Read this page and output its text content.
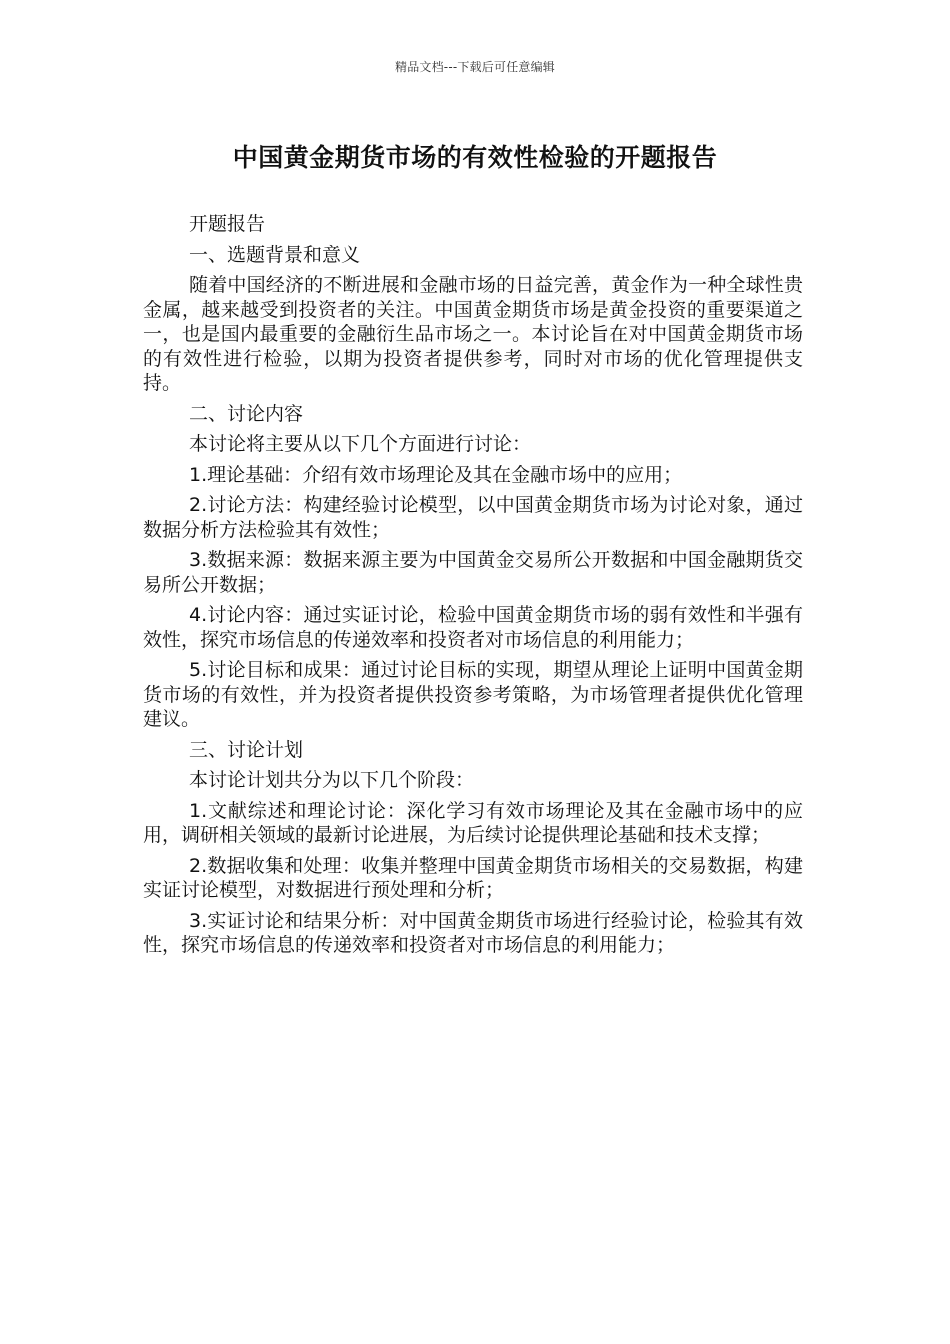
精品文档---下载后可任意编辑
中国黄金期货市场的有效性检验的开题报告

开题报告

一、选题背景和意义

随着中国经济的不断进展和金融市场的日益完善，黄金作为一种全球性贵金属，越来越受到投资者的关注。中国黄金期货市场是黄金投资的重要渠道之一，也是国内最重要的金融衍生品市场之一。本讨论旨在对中国黄金期货市场的有效性进行检验，以期为投资者提供参考，同时对市场的优化管理提供支持。

二、讨论内容

本讨论将主要从以下几个方面进行讨论：

1.理论基础：介绍有效市场理论及其在金融市场中的应用；

2.讨论方法：构建经验讨论模型，以中国黄金期货市场为讨论对象，通过数据分析方法检验其有效性；

3.数据来源：数据来源主要为中国黄金交易所公开数据和中国金融期货交易所公开数据；

4.讨论内容：通过实证讨论，检验中国黄金期货市场的弱有效性和半强有效性，探究市场信息的传递效率和投资者对市场信息的利用能力；

5.讨论目标和成果：通过讨论目标的实现，期望从理论上证明中国黄金期货市场的有效性，并为投资者提供投资参考策略，为市场管理者提供优化管理建议。

三、讨论计划

本讨论计划共分为以下几个阶段：

1.文献综述和理论讨论：深化学习有效市场理论及其在金融市场中的应用，调研相关领域的最新讨论进展，为后续讨论提供理论基础和技术支撑；

2.数据收集和处理：收集并整理中国黄金期货市场相关的交易数据，构建实证讨论模型，对数据进行预处理和分析；

3.实证讨论和结果分析：对中国黄金期货市场进行经验讨论，检验其有效性，探究市场信息的传递效率和投资者对市场信息的利用能力；
